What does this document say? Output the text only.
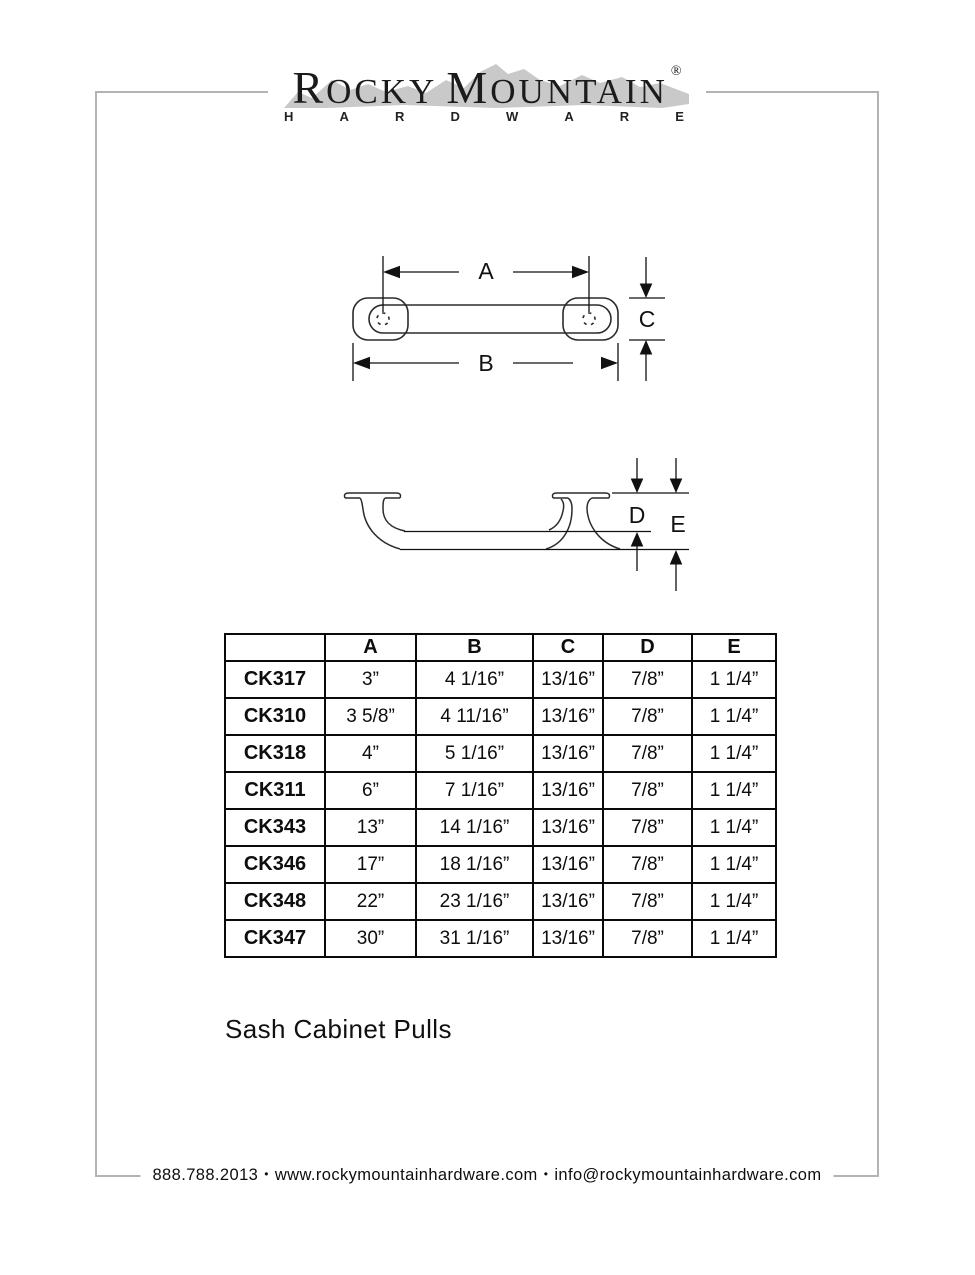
R OCKY M OUNTAIN
®
H	A	R	D	W	A	R	E
A
B
C
D E
	A	B	C	D	E
CK317	3”	4 1/16”	13/16”	7/8”	1 1/4”
CK310	3 5/8”	4 11/16”	13/16”	7/8”	1 1/4”
CK318	4”	5 1/16”	13/16”	7/8”	1 1/4”
CK311	6”	7 1/16”	13/16”	7/8”	1 1/4”
CK343	13”	14 1/16”	13/16”	7/8”	1 1/4”
CK346	17”	18 1/16”	13/16”	7/8”	1 1/4”
CK348	22”	23 1/16”	13/16”	7/8”	1 1/4”
CK347	30”	31 1/16”	13/16”	7/8”	1 1/4”
Sash Cabinet Pulls
888.788.2013 • www.rockymountainhardware.com • info@rockymountainhardware.com
